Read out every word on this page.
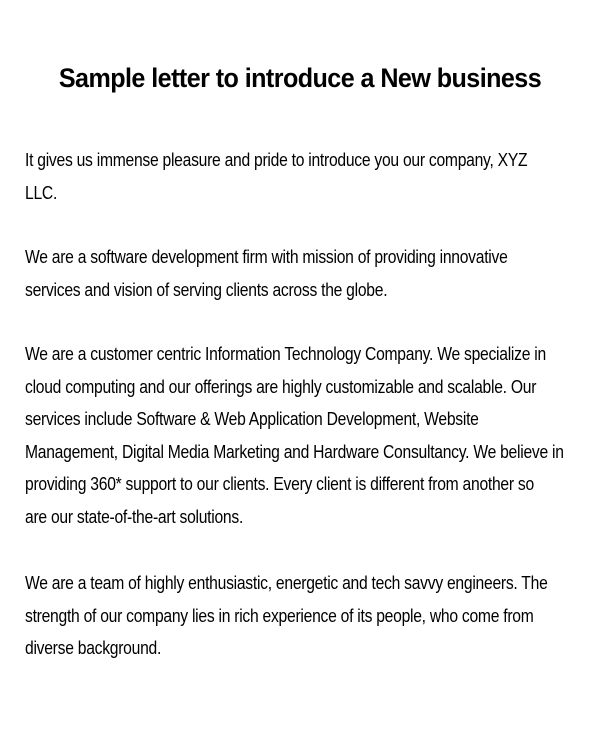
Sample letter to introduce a New business
It gives us immense pleasure and pride to introduce you our company, XYZ
LLC.
We are a software development firm with mission of providing innovative
services and vision of serving clients across the globe.
We are a customer centric Information Technology Company. We specialize in
cloud computing and our offerings are highly customizable and scalable. Our
services include Software & Web Application Development, Website
Management, Digital Media Marketing and Hardware Consultancy. We believe in
providing 360* support to our clients. Every client is different from another so
are our state-of-the-art solutions.
We are a team of highly enthusiastic, energetic and tech savvy engineers. The
strength of our company lies in rich experience of its people, who come from
diverse background.
